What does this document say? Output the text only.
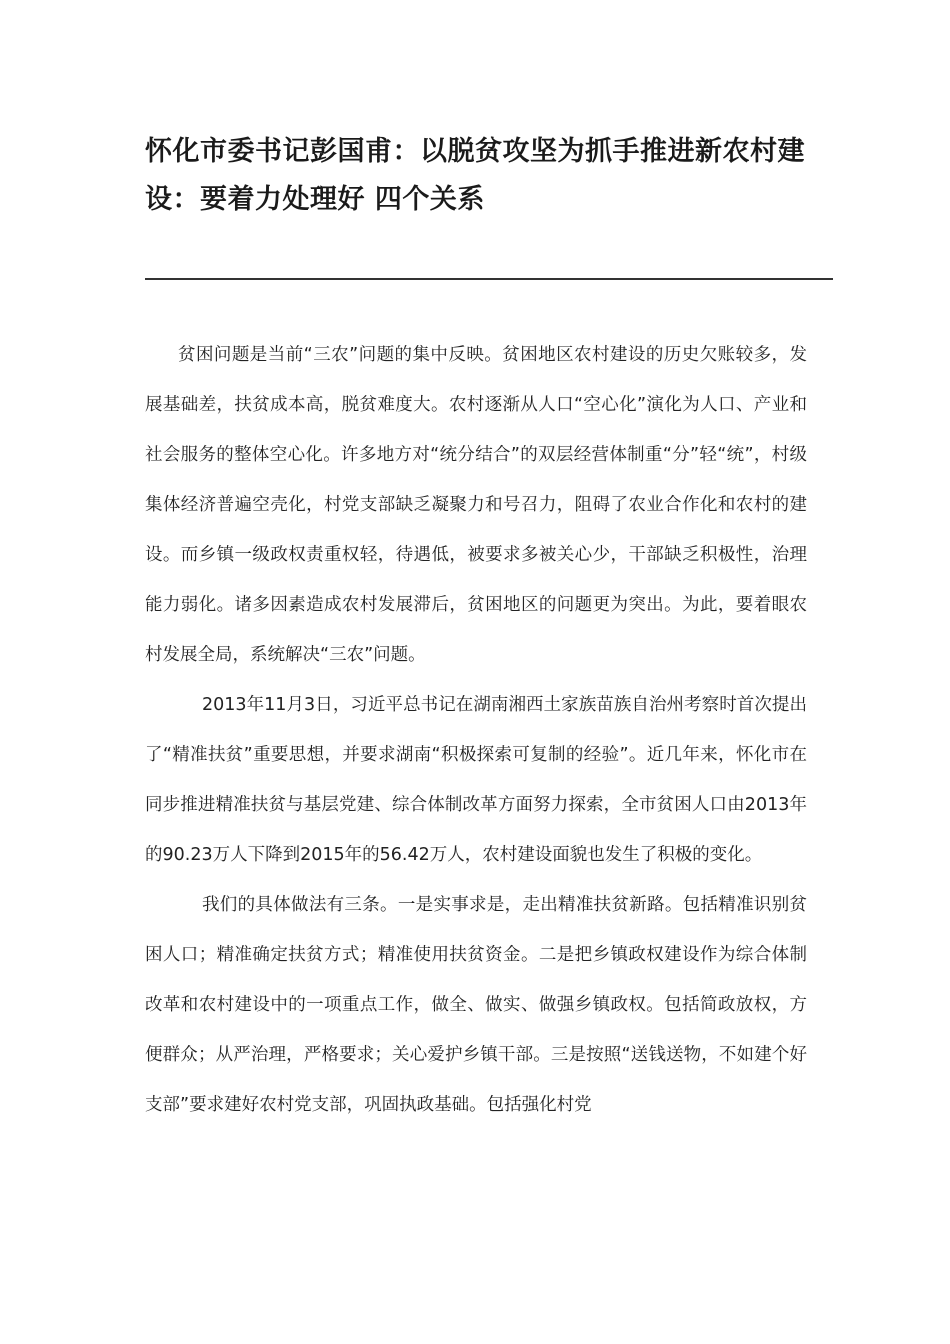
怀化市委书记彭国甫：以脱贫攻坚为抓手推进新农村建设：要着力处理好 四个关系

贫困问题是当前“三农”问题的集中反映。贫困地区农村建设的历史欠账较多，发展基础差，扶贫成本高，脱贫难度大。农村逐渐从人口“空心化”演化为人口、产业和社会服务的整体空心化。许多地方对“统分结合”的双层经营体制重“分”轻“统”，村级集体经济普遍空壳化，村党支部缺乏凝聚力和号召力，阻碍了农业合作化和农村的建设。而乡镇一级政权责重权轻，待遇低，被要求多被关心少，干部缺乏积极性，治理能力弱化。诸多因素造成农村发展滞后，贫困地区的问题更为突出。为此，要着眼农村发展全局，系统解决“三农”问题。

2013年11月3日，习近平总书记在湖南湘西土家族苗族自治州考察时首次提出了“精准扶贫”重要思想，并要求湖南“积极探索可复制的经验”。近几年来，怀化市在同步推进精准扶贫与基层党建、综合体制改革方面努力探索，全市贫困人口由2013年的90.23万人下降到2015年的56.42万人，农村建设面貌也发生了积极的变化。

我们的具体做法有三条。一是实事求是，走出精准扶贫新路。包括精准识别贫困人口；精准确定扶贫方式；精准使用扶贫资金。二是把乡镇政权建设作为综合体制改革和农村建设中的一项重点工作，做全、做实、做强乡镇政权。包括简政放权，方便群众；从严治理，严格要求；关心爱护乡镇干部。三是按照“送钱送物，不如建个好支部”要求建好农村党支部，巩固执政基础。包括强化村党
